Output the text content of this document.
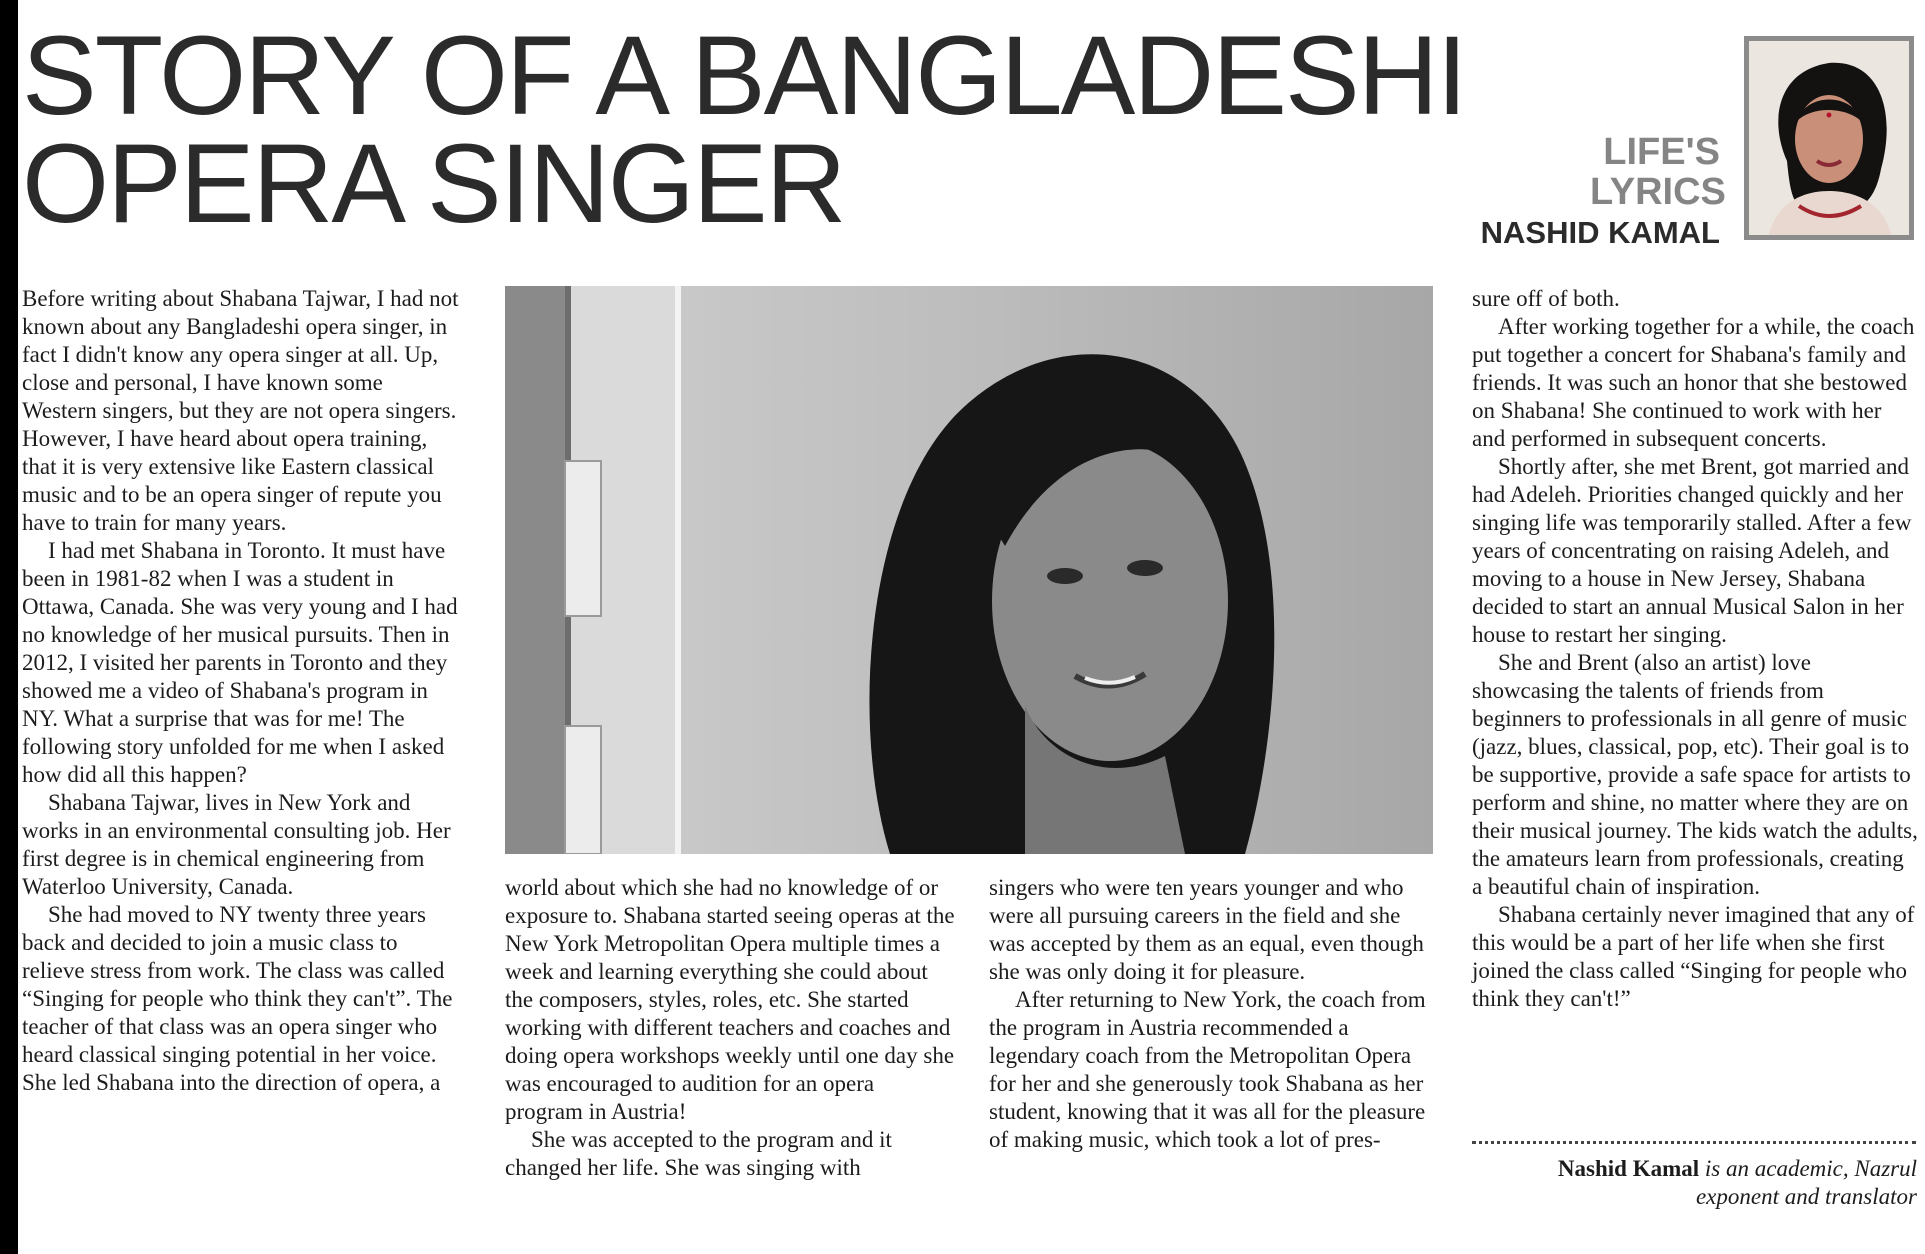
STORY OF A BANGLADESHI
OPERA SINGER	LIFE'S LYRICS
NASHID KAMAL

Before writing about Shabana Tajwar, I had not known about any Bangladeshi opera singer, in fact I didn't know any opera singer at all. Up, close and personal, I have known some Western singers, but they are not opera singers. However, I have heard about opera training, that it is very extensive like Eastern classical music and to be an opera singer of repute you have to train for many years.

I had met Shabana in Toronto. It must have been in 1981-82 when I was a student in Ottawa, Canada. She was very young and I had no knowledge of her musical pursuits. Then in 2012, I visited her parents in Toronto and they showed me a video of Shabana's program in NY. What a surprise that was for me! The following story unfolded for me when I asked how did all this happen?

Shabana Tajwar, lives in New York and works in an environmental consulting job. Her first degree is in chemical engineering from Waterloo University, Canada.

She had moved to NY twenty three years back and decided to join a music class to relieve stress from work. The class was called “Singing for people who think they can't”. The teacher of that class was an opera singer who heard classical singing potential in her voice. She led Shabana into the direction of opera, a

world about which she had no knowledge of or exposure to. Shabana started seeing operas at the New York Metropolitan Opera multiple times a week and learning everything she could about the composers, styles, roles, etc. She started working with different teachers and coaches and doing opera workshops weekly until one day she was encouraged to audition for an opera program in Austria!

She was accepted to the program and it changed her life. She was singing with

singers who were ten years younger and who were all pursuing careers in the field and she was accepted by them as an equal, even though she was only doing it for pleasure.

After returning to New York, the coach from the program in Austria recommended a legendary coach from the Metropolitan Opera for her and she generously took Shabana as her student, knowing that it was all for the pleasure of making music, which took a lot of pres-

sure off of both.

After working together for a while, the coach put together a concert for Shabana's family and friends. It was such an honor that she bestowed on Shabana! She continued to work with her and performed in subsequent concerts.

Shortly after, she met Brent, got married and had Adeleh. Priorities changed quickly and her singing life was temporarily stalled. After a few years of concentrating on raising Adeleh, and moving to a house in New Jersey, Shabana decided to start an annual Musical Salon in her house to restart her singing.

She and Brent (also an artist) love showcasing the talents of friends from beginners to professionals in all genre of music (jazz, blues, classical, pop, etc). Their goal is to be supportive, provide a safe space for artists to perform and shine, no matter where they are on their musical journey. The kids watch the adults, the amateurs learn from professionals, creating a beautiful chain of inspiration.

Shabana certainly never imagined that any of this would be a part of her life when she first joined the class called “Singing for people who think they can't!”

Nashid Kamal is an academic, Nazrul exponent and translator
